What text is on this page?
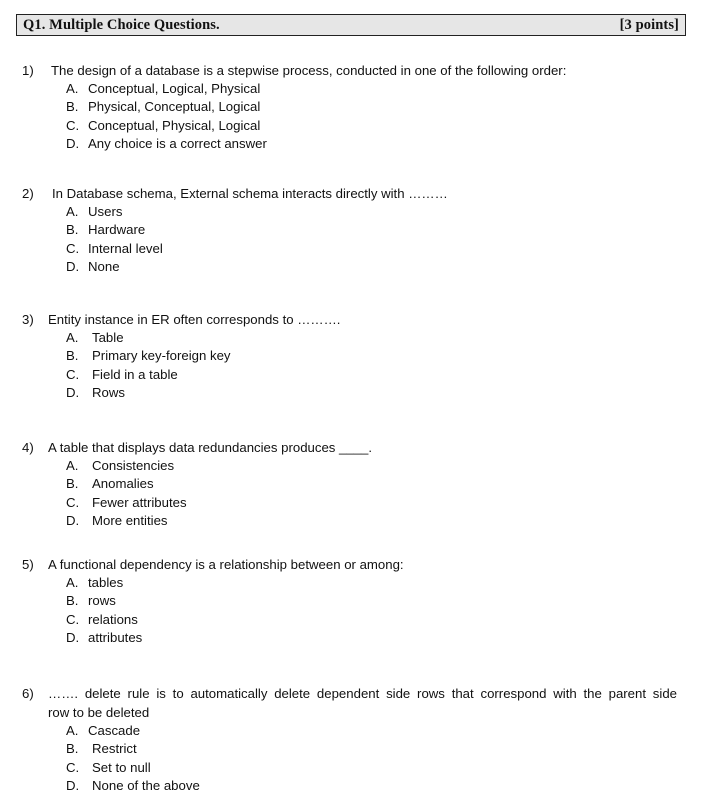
Q1. Multiple Choice Questions.	[3 points]
1)	The design of a database is a stepwise process, conducted in one of the following order:
A. Conceptual, Logical, Physical
B. Physical, Conceptual, Logical
C. Conceptual, Physical, Logical
D. Any choice is a correct answer
2)	In Database schema, External schema interacts directly with ………
A. Users
B. Hardware
C. Internal level
D. None
3)	Entity instance in ER often corresponds to ……….
A. Table
B. Primary key-foreign key
C. Field in a table
D. Rows
4)	A table that displays data redundancies produces ____.
A. Consistencies
B. Anomalies
C. Fewer attributes
D. More entities
5)	A functional dependency is a relationship between or among:
A. tables
B. rows
C. relations
D. attributes
6)	……. delete rule is to automatically delete dependent side rows that correspond with the parent side
row to be deleted
A. Cascade
B. Restrict
C. Set to null
D. None of the above
